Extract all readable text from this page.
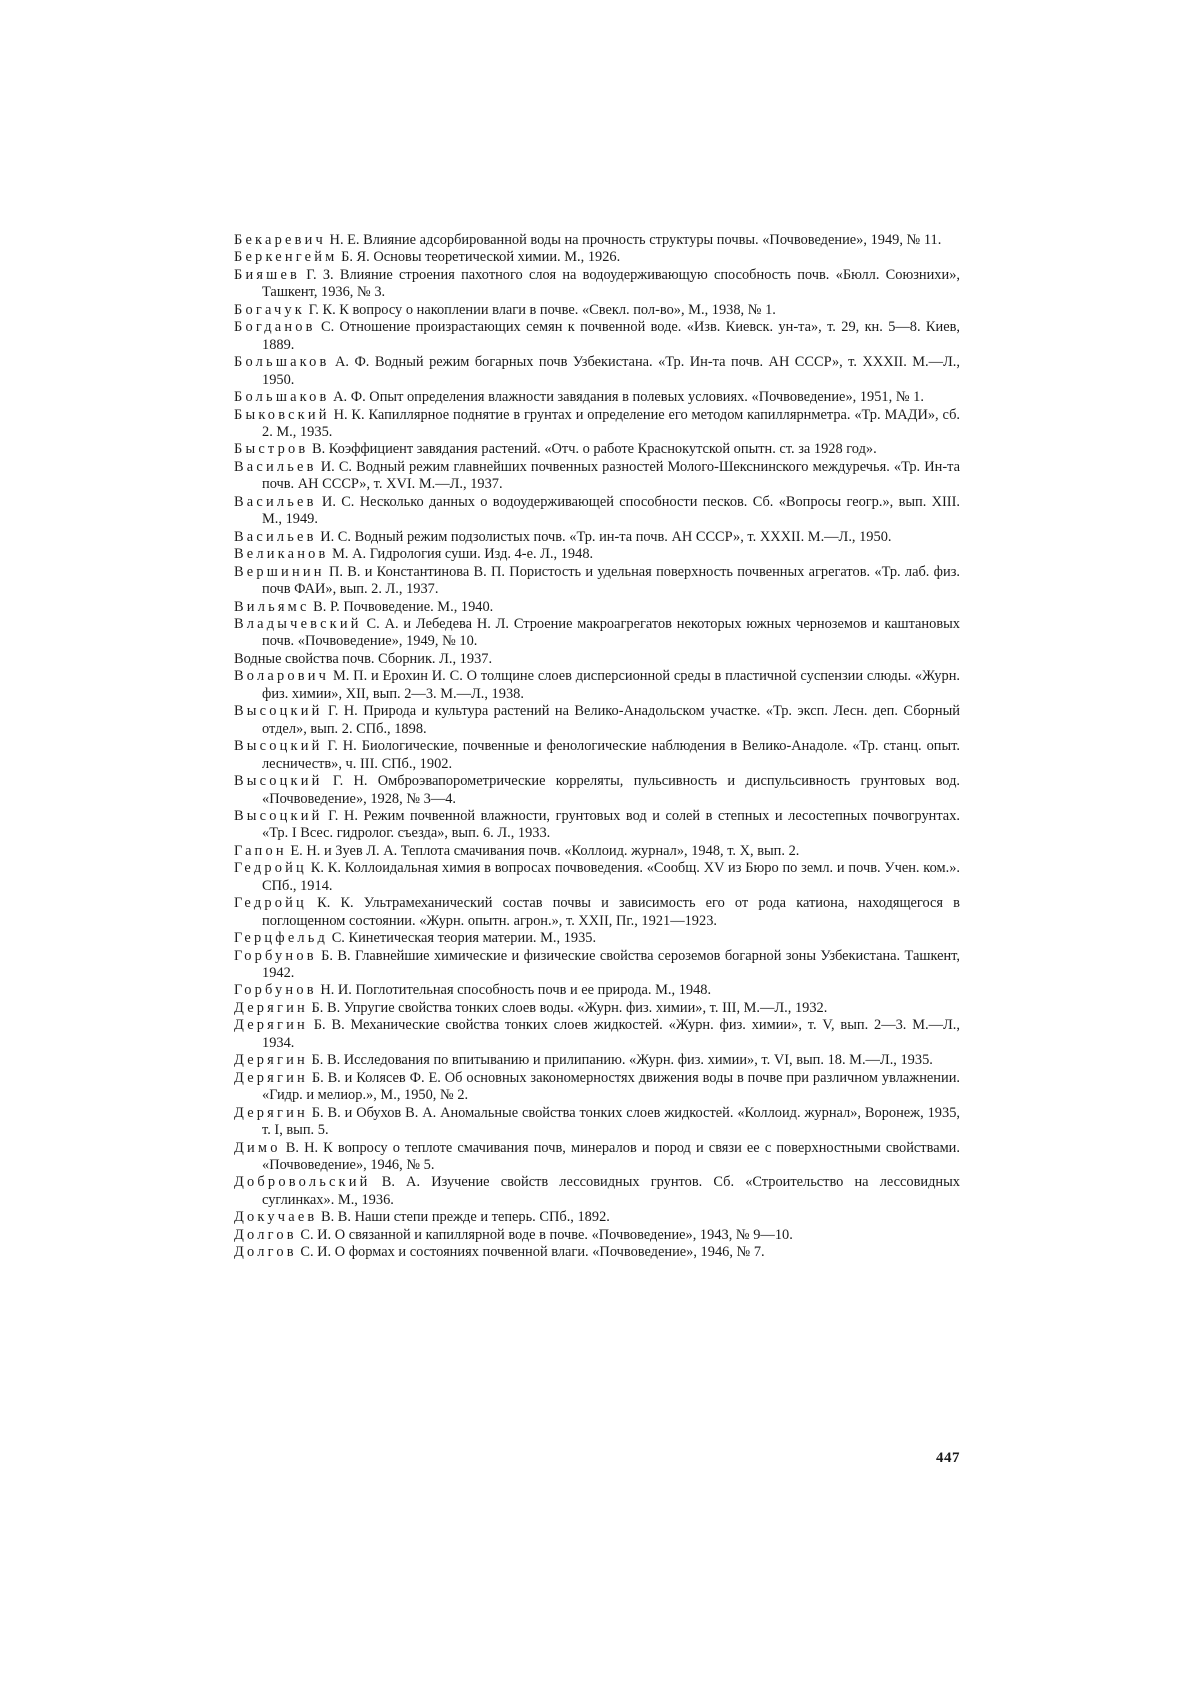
Бекаревич Н. Е. Влияние адсорбированной воды на прочность структуры почвы. «Почвоведение», 1949, № 11.
Беркенгейм Б. Я. Основы теоретической химии. М., 1926.
Бияшев Г. З. Влияние строения пахотного слоя на водоудерживающую способность почв. «Бюлл. Союзнихи», Ташкент, 1936, № 3.
Богачук Г. К. К вопросу о накоплении влаги в почве. «Свекл. пол-во», М., 1938, № 1.
Богданов С. Отношение произрастающих семян к почвенной воде. «Изв. Киевск. ун-та», т. 29, кн. 5—8. Киев, 1889.
Большаков А. Ф. Водный режим богарных почв Узбекистана. «Тр. Ин-та почв. АН СССР», т. XXXII. М.—Л., 1950.
Большаков А. Ф. Опыт определения влажности завядания в полевых условиях. «Почвоведение», 1951, № 1.
Быковский Н. К. Капиллярное поднятие в грунтах и определение его методом капиллярнметра. «Тр. МАДИ», сб. 2. М., 1935.
Быстров В. Коэффициент завядания растений. «Отч. о работе Краснокутской опытн. ст. за 1928 год».
Васильев И. С. Водный режим главнейших почвенных разностей Молого-Шекснинского междуречья. «Тр. Ин-та почв. АН СССР», т. XVI. М.—Л., 1937.
Васильев И. С. Несколько данных о водоудерживающей способности песков. Сб. «Вопросы геогр.», вып. XIII. М., 1949.
Васильев И. С. Водный режим подзолистых почв. «Тр. ин-та почв. АН СССР», т. XXXII. М.—Л., 1950.
Великанов М. А. Гидрология суши. Изд. 4-е. Л., 1948.
Вершинин П. В. и Константинова В. П. Пористость и удельная поверхность почвенных агрегатов. «Тр. лаб. физ. почв ФАИ», вып. 2. Л., 1937.
Вильямс В. Р. Почвоведение. М., 1940.
Владычевский С. А. и Лебедева Н. Л. Строение макроагрегатов некоторых южных черноземов и каштановых почв. «Почвоведение», 1949, № 10.
Водные свойства почв. Сборник. Л., 1937.
Воларович М. П. и Ерохин И. С. О толщине слоев дисперсионной среды в пластичной суспензии слюды. «Журн. физ. химии», XII, вып. 2—3. М.—Л., 1938.
Высоцкий Г. Н. Природа и культура растений на Велико-Анадольском участке. «Тр. эксп. Лесн. деп. Сборный отдел», вып. 2. СПб., 1898.
Высоцкий Г. Н. Биологические, почвенные и фенологические наблюдения в Велико-Анадоле. «Тр. станц. опыт. лесничеств», ч. III. СПб., 1902.
Высоцкий Г. Н. Омброэвапорометрические корреляты, пульсивность и диспульсивность грунтовых вод. «Почвоведение», 1928, № 3—4.
Высоцкий Г. Н. Режим почвенной влажности, грунтовых вод и солей в степных и лесостепных почвогрунтах. «Тр. I Всес. гидролог. съезда», вып. 6. Л., 1933.
Гапон Е. Н. и Зуев Л. А. Теплота смачивания почв. «Коллоид. журнал», 1948, т. X, вып. 2.
Гедройц К. К. Коллоидальная химия в вопросах почвоведения. «Сообщ. XV из Бюро по земл. и почв. Учен. ком.». СПб., 1914.
Гедройц К. К. Ультрамеханический состав почвы и зависимость его от рода катиона, находящегося в поглощенном состоянии. «Журн. опытн. агрон.», т. XXII, Пг., 1921—1923.
Герцфельд С. Кинетическая теория материи. М., 1935.
Горбунов Б. В. Главнейшие химические и физические свойства сероземов богарной зоны Узбекистана. Ташкент, 1942.
Горбунов Н. И. Поглотительная способность почв и ее природа. М., 1948.
Дерягин Б. В. Упругие свойства тонких слоев воды. «Журн. физ. химии», т. III, М.—Л., 1932.
Дерягин Б. В. Механические свойства тонких слоев жидкостей. «Журн. физ. химии», т. V, вып. 2—3. М.—Л., 1934.
Дерягин Б. В. Исследования по впитыванию и прилипанию. «Журн. физ. химии», т. VI, вып. 18. М.—Л., 1935.
Дерягин Б. В. и Колясев Ф. Е. Об основных закономерностях движения воды в почве при различном увлажнении. «Гидр. и мелиор.», М., 1950, № 2.
Дерягин Б. В. и Обухов В. А. Аномальные свойства тонких слоев жидкостей. «Коллоид. журнал», Воронеж, 1935, т. I, вып. 5.
Димо В. Н. К вопросу о теплоте смачивания почв, минералов и пород и связи ее с поверхностными свойствами. «Почвоведение», 1946, № 5.
Добровольский В. А. Изучение свойств лессовидных грунтов. Сб. «Строительство на лессовидных суглинках». М., 1936.
Докучаев В. В. Наши степи прежде и теперь. СПб., 1892.
Долгов С. И. О связанной и капиллярной воде в почве. «Почвоведение», 1943, № 9—10.
Долгов С. И. О формах и состояниях почвенной влаги. «Почвоведение», 1946, № 7.
447
